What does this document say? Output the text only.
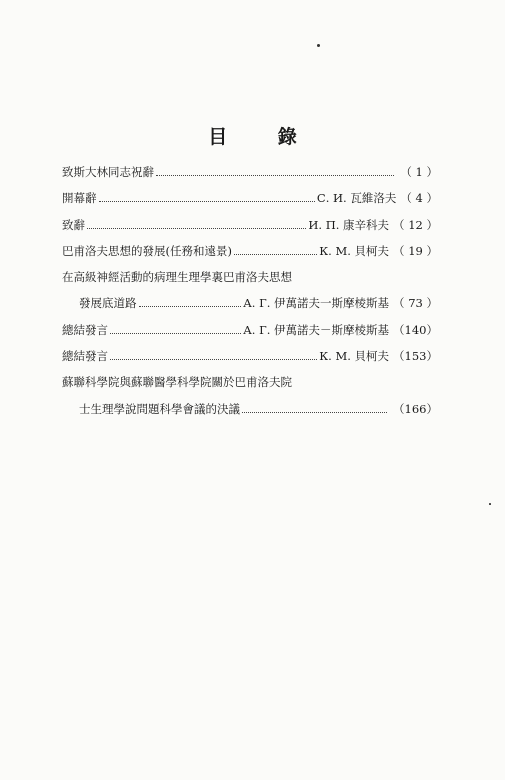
目 錄
致斯大林同志祝辭	（ 1 ）
開幕辭	С. И. 瓦維洛夫 （ 4 ）
致辭	И. П. 康辛科夫 （ 12 ）
巴甫洛夫思想的發展(任務和遠景)	К. М. 貝柯夫 （ 19 ）
在高級神經活動的病理生理學裏巴甫洛夫思想
發展底道路	А. Г. 伊萬諾夫一斯摩棱斯基 （ 73 ）
總結發言	А. Г. 伊萬諾夫－斯摩棱斯基 （140）
總結發言	К. М. 貝柯夫 （153）
蘇聯科學院與蘇聯醫學科學院關於巴甫洛夫院
士生理學說問題科學會議的決議	（166）
